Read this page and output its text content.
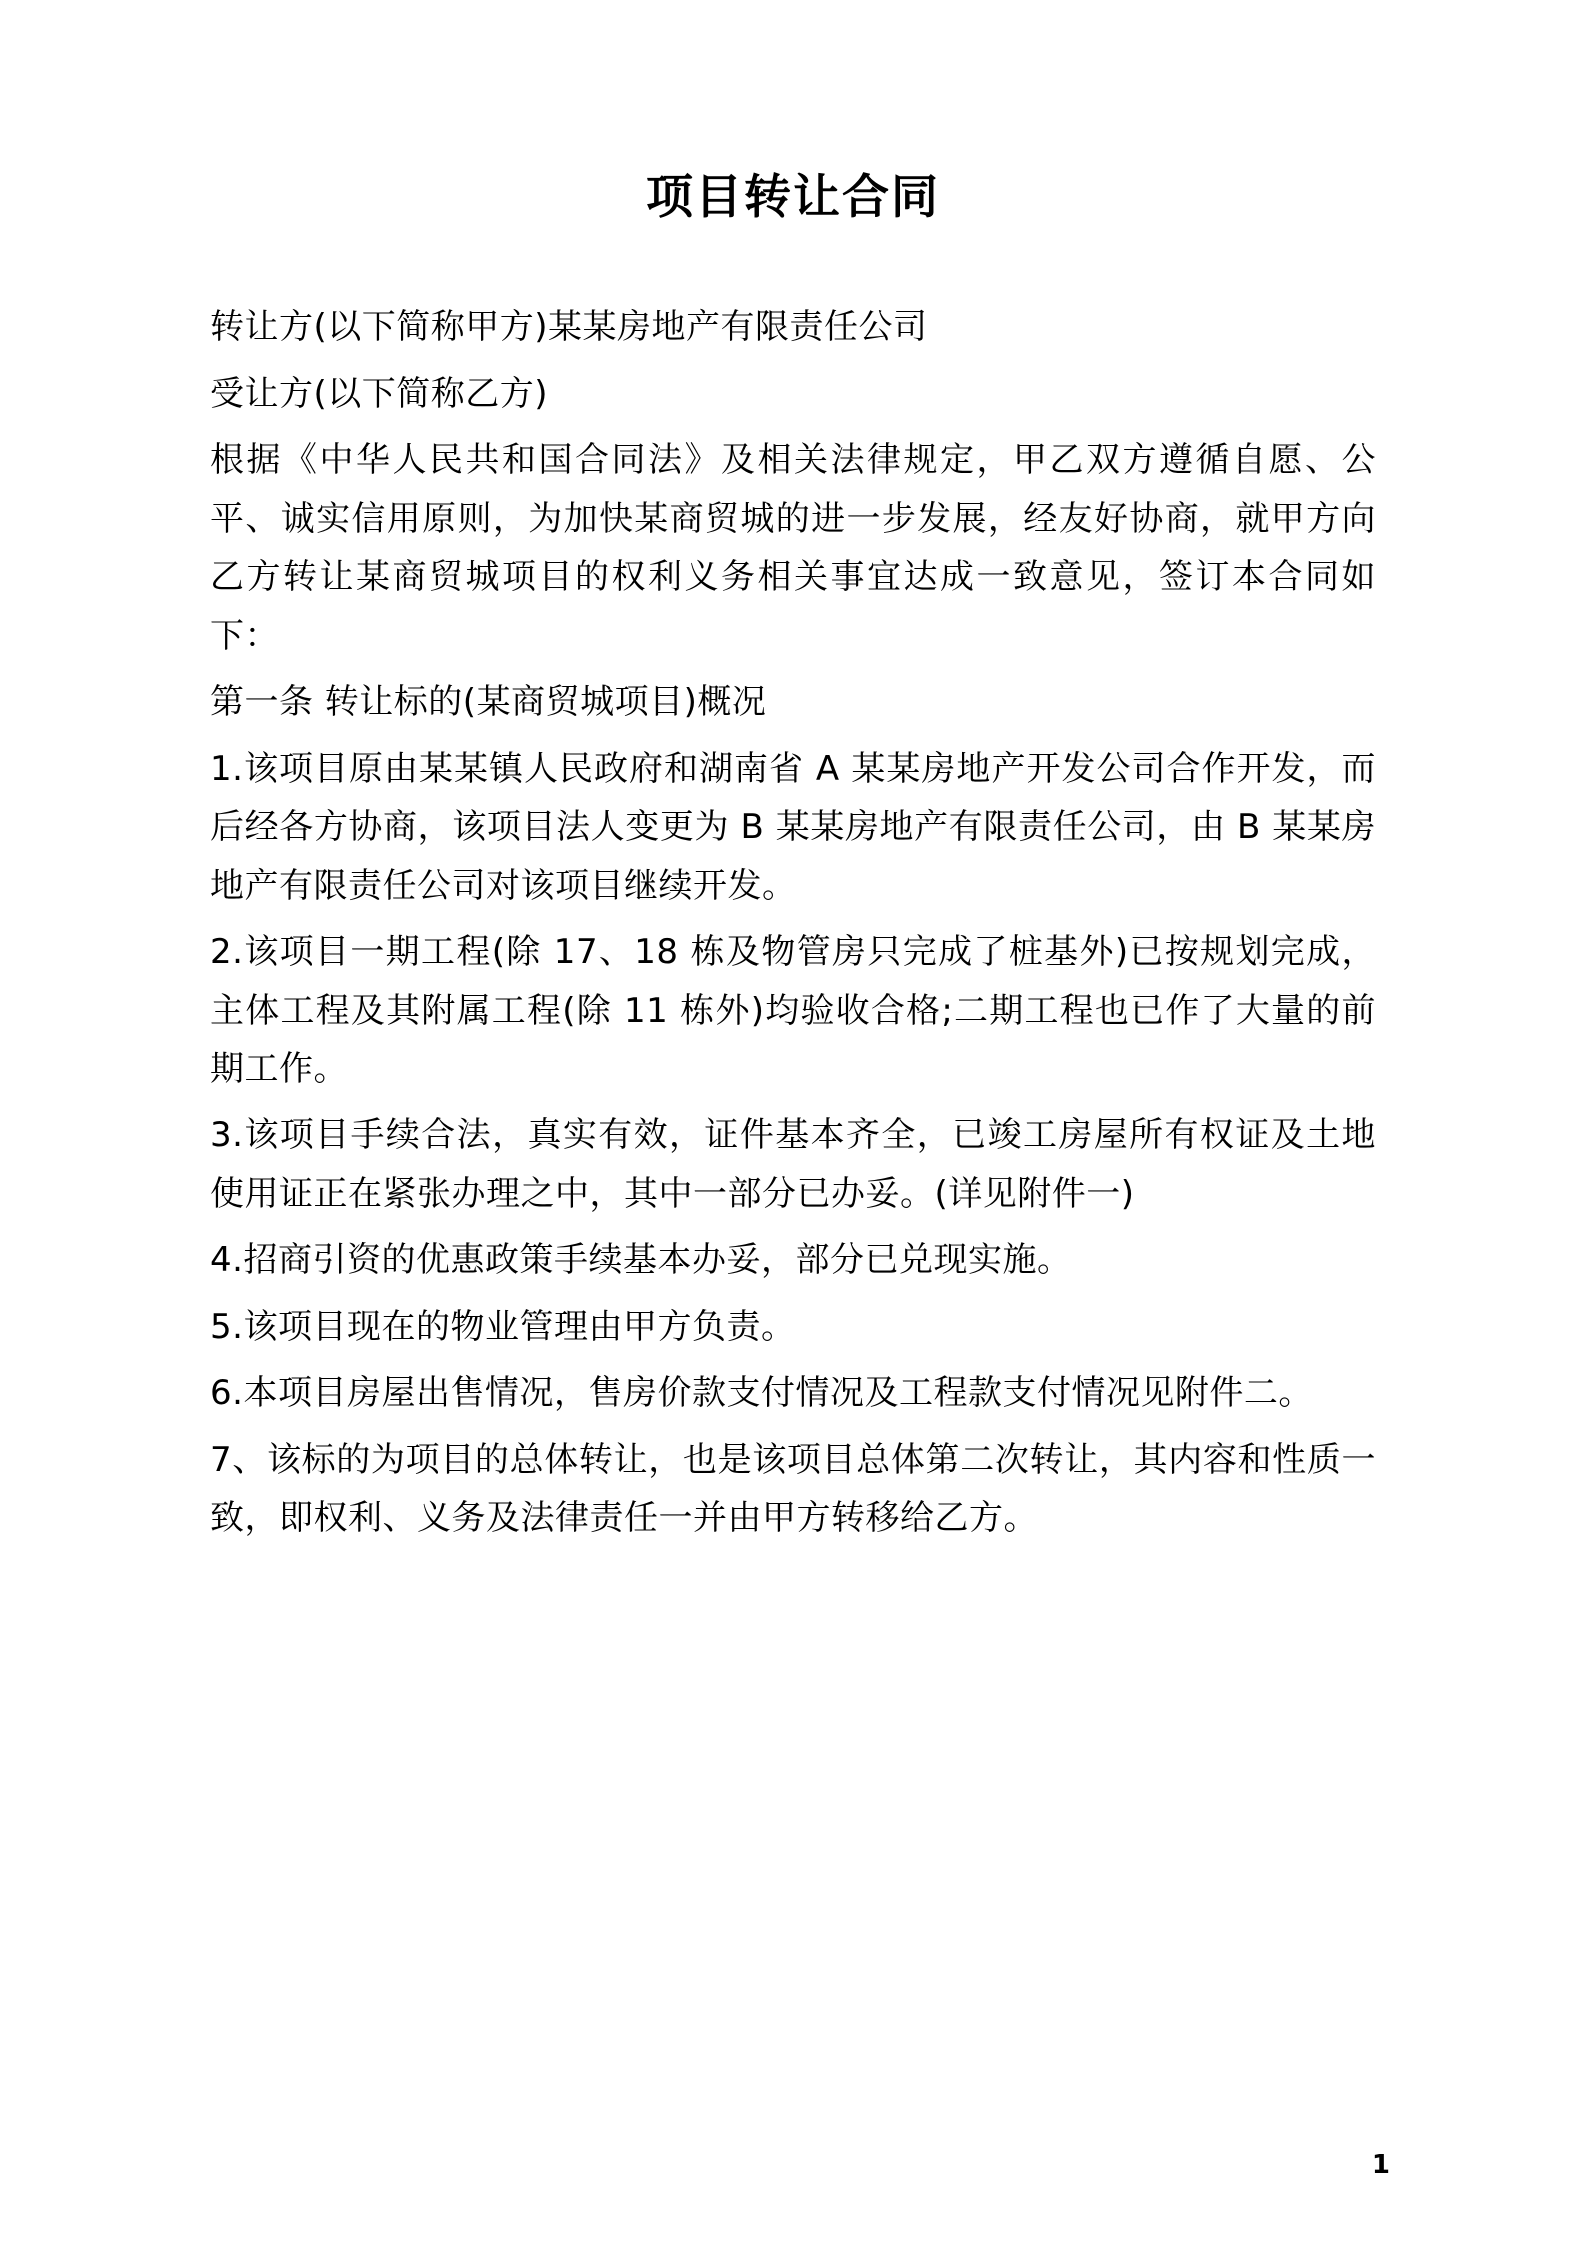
项目转让合同

转让方(以下简称甲方)某某房地产有限责任公司

受让方(以下简称乙方)

根据《中华人民共和国合同法》及相关法律规定，甲乙双方遵循自愿、公平、诚实信用原则，为加快某商贸城的进一步发展，经友好协商，就甲方向乙方转让某商贸城项目的权利义务相关事宜达成一致意见，签订本合同如下：

第一条 转让标的(某商贸城项目)概况

1.该项目原由某某镇人民政府和湖南省 A 某某房地产开发公司合作开发，而后经各方协商，该项目法人变更为 B 某某房地产有限责任公司，由 B 某某房地产有限责任公司对该项目继续开发。

2.该项目一期工程(除 17、18 栋及物管房只完成了桩基外)已按规划完成，主体工程及其附属工程(除 11 栋外)均验收合格;二期工程也已作了大量的前期工作。

3.该项目手续合法，真实有效，证件基本齐全，已竣工房屋所有权证及土地使用证正在紧张办理之中，其中一部分已办妥。(详见附件一)

4.招商引资的优惠政策手续基本办妥，部分已兑现实施。

5.该项目现在的物业管理由甲方负责。

6.本项目房屋出售情况，售房价款支付情况及工程款支付情况见附件二。

7、该标的为项目的总体转让，也是该项目总体第二次转让，其内容和性质一致，即权利、义务及法律责任一并由甲方转移给乙方。

1
